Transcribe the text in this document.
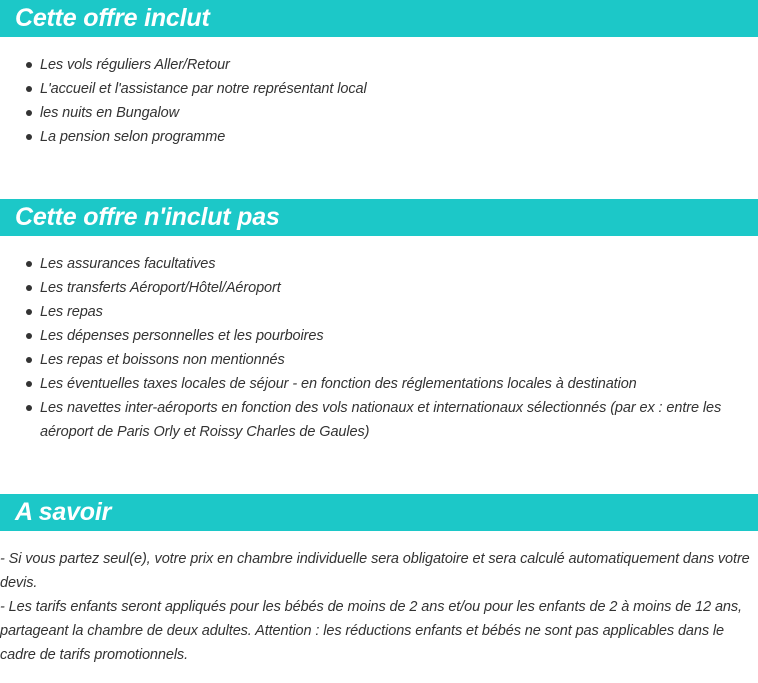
Cette offre inclut
Les vols réguliers Aller/Retour
L'accueil et l'assistance par notre représentant local
les nuits en Bungalow
La pension selon programme
Cette offre n'inclut pas
Les assurances facultatives
Les transferts Aéroport/Hôtel/Aéroport
Les repas
Les dépenses personnelles et les pourboires
Les repas et boissons non mentionnés
Les éventuelles taxes locales de séjour - en fonction des réglementations locales à destination
Les navettes inter-aéroports en fonction des vols nationaux et internationaux sélectionnés (par ex : entre les aéroport de Paris Orly et Roissy Charles de Gaules)
A savoir
- Si vous partez seul(e), votre prix en chambre individuelle sera obligatoire et sera calculé automatiquement dans votre devis.
- Les tarifs enfants seront appliqués pour les bébés de moins de 2 ans et/ou pour les enfants de 2 à moins de 12 ans, partageant la chambre de deux adultes. Attention : les réductions enfants et bébés ne sont pas applicables dans le cadre de tarifs promotionnels.
